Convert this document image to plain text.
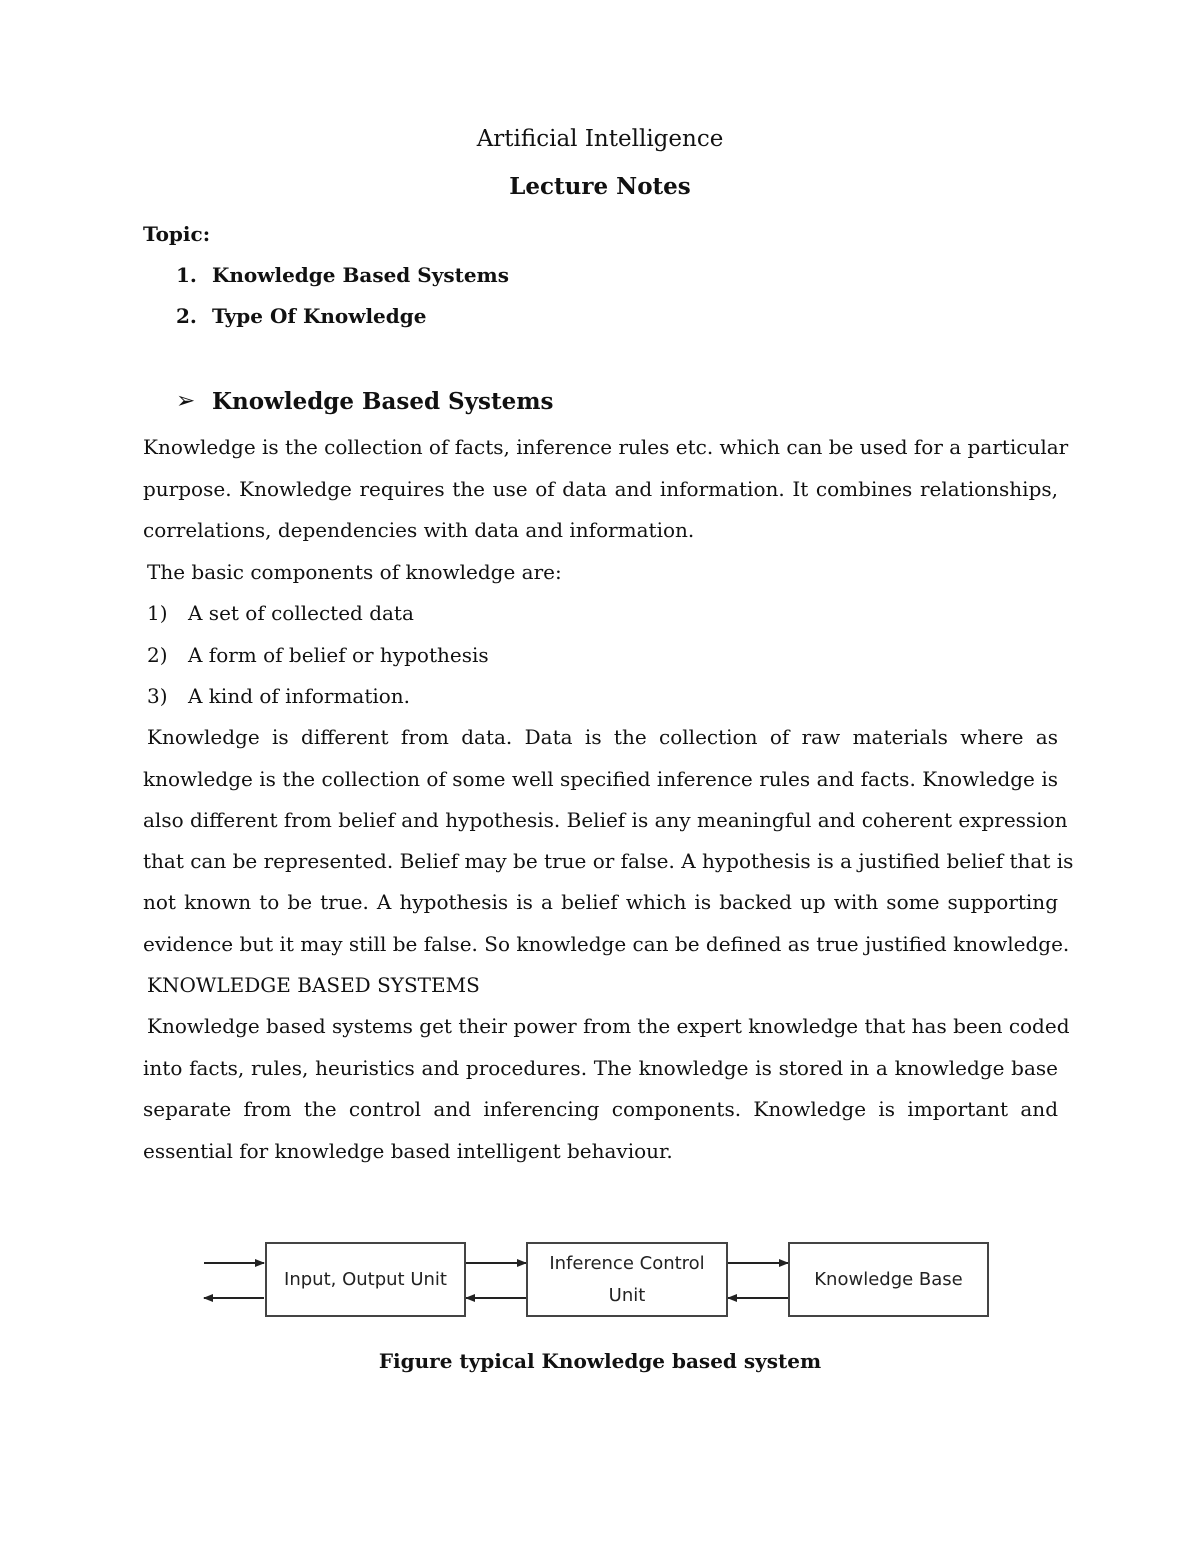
Artificial Intelligence
Lecture Notes
Topic:
1. Knowledge Based Systems
2. Type Of Knowledge
➢ Knowledge Based Systems
Knowledge is the collection of facts, inference rules etc. which can be used for a particular
purpose. Knowledge requires the use of data and information. It combines relationships,
correlations, dependencies with data and information.
The basic components of knowledge are:
1) A set of collected data
2) A form of belief or hypothesis
3) A kind of information.
Knowledge is different from data. Data is the collection of raw materials where as
knowledge is the collection of some well specified inference rules and facts. Knowledge is
also different from belief and hypothesis. Belief is any meaningful and coherent expression
that can be represented. Belief may be true or false. A hypothesis is a justified belief that is
not known to be true. A hypothesis is a belief which is backed up with some supporting
evidence but it may still be false. So knowledge can be defined as true justified knowledge.
KNOWLEDGE BASED SYSTEMS
Knowledge based systems get their power from the expert knowledge that has been coded
into facts, rules, heuristics and procedures. The knowledge is stored in a knowledge base
separate from the control and inferencing components. Knowledge is important and
essential for knowledge based intelligent behaviour.
Input, Output Unit
Inference Control
Unit
Knowledge Base
Figure typical Knowledge based system
